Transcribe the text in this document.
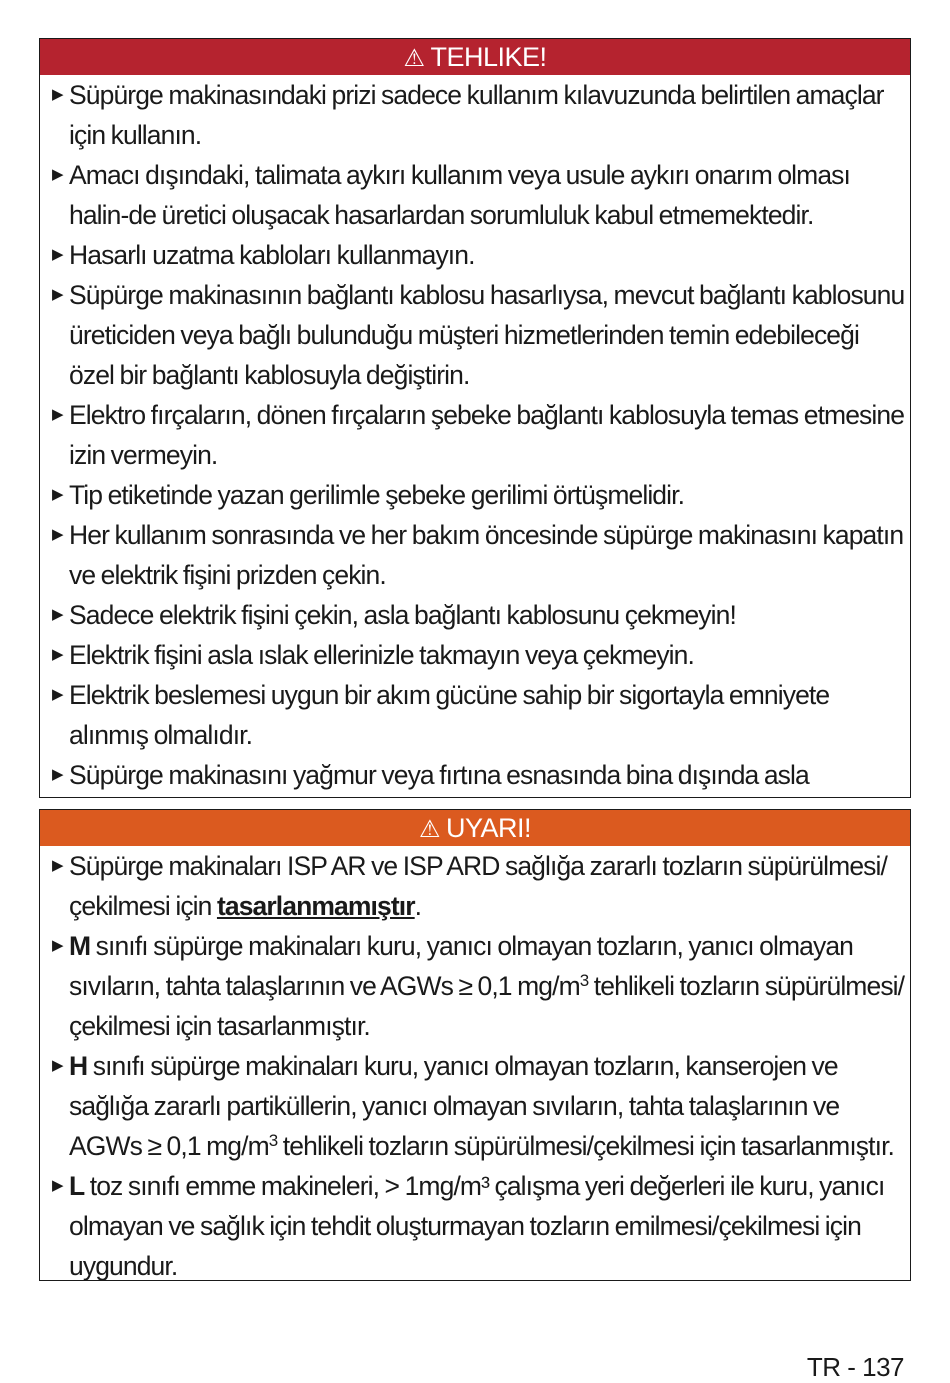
⚠ TEHLIKE!
▶ Süpürge makinasındaki prizi sadece kullanım kılavuzunda belirtilen amaçlar için kullanın.
▶ Amacı dışındaki, talimata aykırı kullanım veya usule aykırı onarım olması halin-de üretici oluşacak hasarlardan sorumluluk kabul etmemektedir.
▶ Hasarlı uzatma kabloları kullanmayın.
▶ Süpürge makinasının bağlantı kablosu hasarlıysa, mevcut bağlantı kablosunu üreticiden veya bağlı bulunduğu müşteri hizmetlerinden temin edebileceği özel bir bağlantı kablosuyla değiştirin.
▶ Elektro fırçaların, dönen fırçaların şebeke bağlantı kablosuyla temas etmesine izin vermeyin.
▶ Tip etiketinde yazan gerilimle şebeke gerilimi örtüşmelidir.
▶ Her kullanım sonrasında ve her bakım öncesinde süpürge makinasını kapatın ve elektrik fişini prizden çekin.
▶ Sadece elektrik fişini çekin, asla bağlantı kablosunu çekmeyin!
▶ Elektrik fişini asla ıslak ellerinizle takmayın veya çekmeyin.
▶ Elektrik beslemesi uygun bir akım gücüne sahip bir sigortayla emniyete alınmış olmalıdır.
▶ Süpürge makinasını yağmur veya fırtına esnasında bina dışında asla
⚠ UYARI!
▶ Süpürge makinaları ISP AR ve ISP ARD sağlığa zararlı tozların süpürülmesi/ çekilmesi için tasarlanmamıştır.
▶ M sınıfı süpürge makinaları kuru, yanıcı olmayan tozların, yanıcı olmayan sıvıların, tahta talaşlarının ve AGWs ≥ 0,1 $mg/m^3$ tehlikeli tozların süpürülmesi/çekilmesi için tasarlanmıştır.
▶ H sınıfı süpürge makinaları kuru, yanıcı olmayan tozların, kanserojen ve sağlığa zararlı partiküllerin, yanıcı olmayan sıvıların, tahta talaşlarının ve AGWs ≥ 0,1 $mg/m^3$ tehlikeli tozların süpürülmesi/çekilmesi için tasarlanmıştır.
▶ L toz sınıfı emme makineleri, > 1mg/m³ çalışma yeri değerleri ile kuru, yanıcı olmayan ve sağlık için tehdit oluşturmayan tozların emilmesi/çekilmesi için uygundur.
TR - 137
